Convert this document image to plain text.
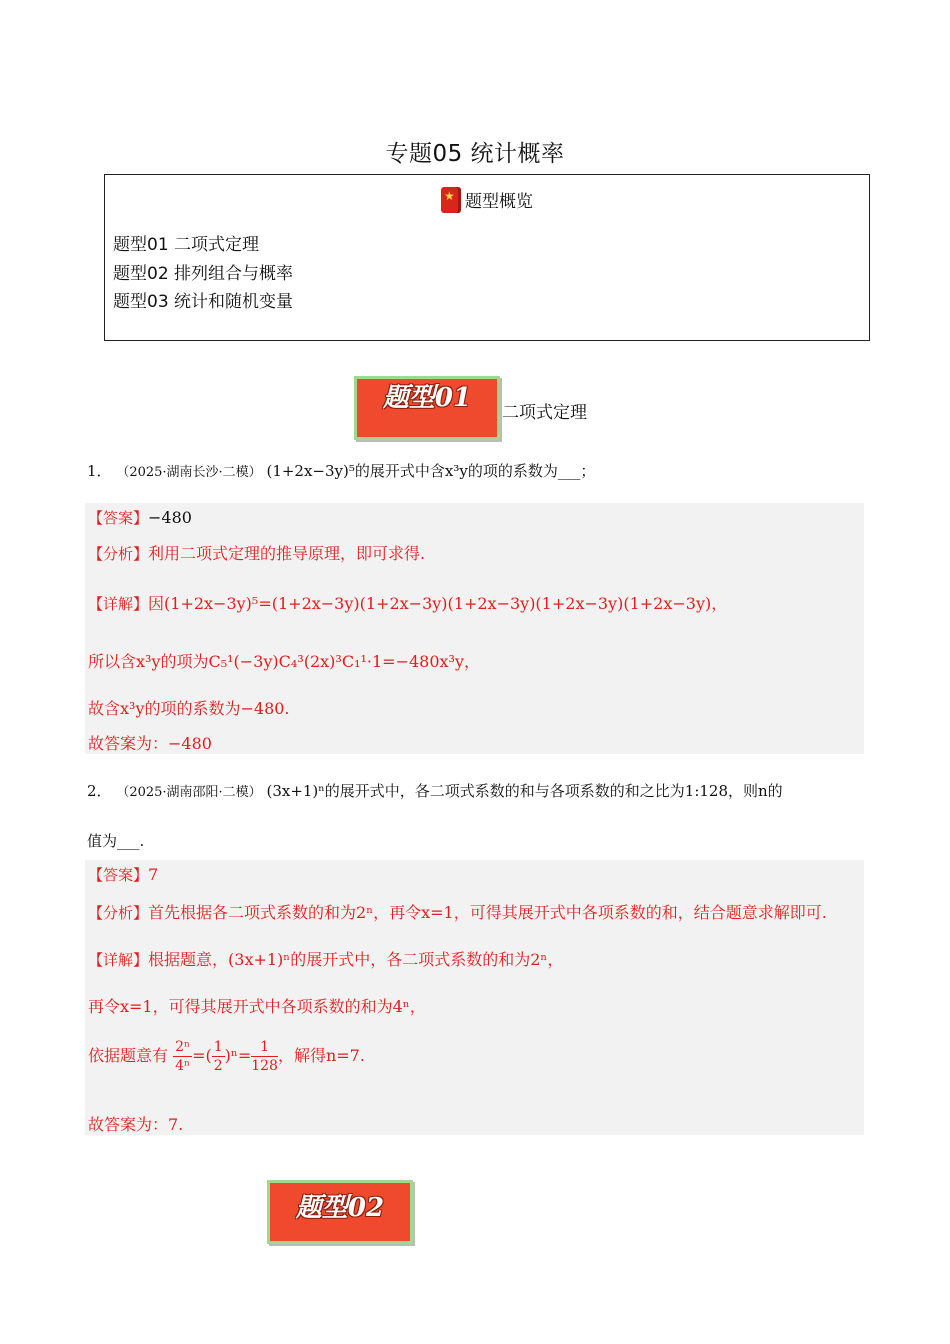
专题05 统计概率
★ 题型概览
题型01 二项式定理
题型02 排列组合与概率
题型03 统计和随机变量
题型01	二项式定理
1． （2025·湖南长沙·二模） (1+2x−3y)⁵的展开式中含x³y的项的系数为___；
【答案】−480
【分析】利用二项式定理的推导原理，即可求得.
【详解】因(1+2x−3y)⁵=(1+2x−3y)(1+2x−3y)(1+2x−3y)(1+2x−3y)(1+2x−3y)，
所以含x³y的项为C₅¹(−3y)C₄³(2x)³C₁¹·1=−480x³y，
故含x³y的项的系数为−480.
故答案为：−480
2． （2025·湖南邵阳·二模） (3x+1)ⁿ的展开式中，各二项式系数的和与各项系数的和之比为1:128，则n的
值为___.
【答案】7
【分析】首先根据各二项式系数的和为2ⁿ，再令x=1，可得其展开式中各项系数的和，结合题意求解即可.
【详解】根据题意，(3x+1)ⁿ的展开式中，各二项式系数的和为2ⁿ，
再令x=1，可得其展开式中各项系数的和为4ⁿ，
依据题意有 $\frac{\text{2ⁿ}}{\text{4ⁿ}}$ =( $\frac{1}{2} )^n= \frac{1}{128}$ ，解得n=7.
故答案为：7.
题型02
